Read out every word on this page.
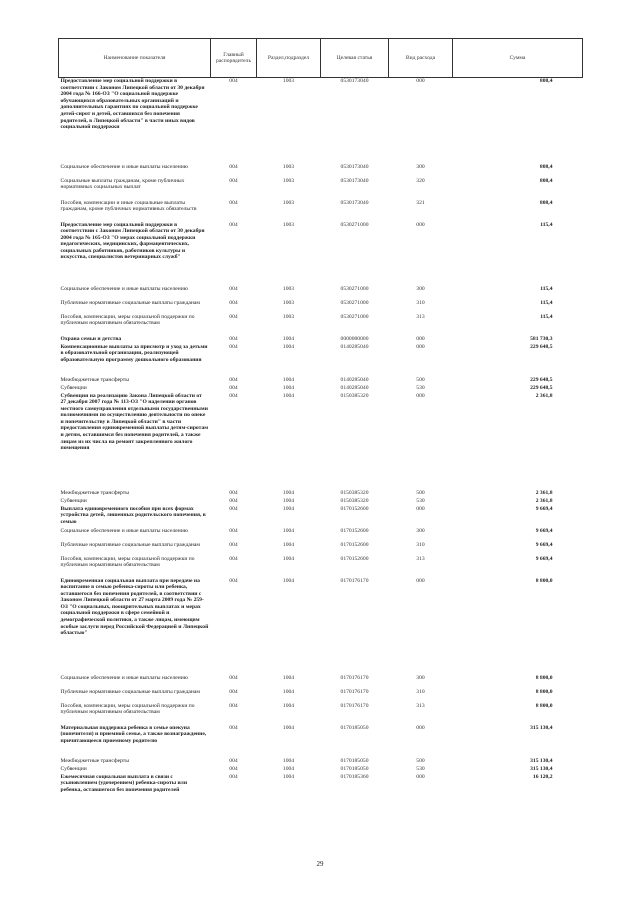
Наименование показателя	Главный распорядитель	Раздел,подраздел	Целевая статья	Вид расхода	Сумма
Предоставление мер социальной поддержки в соответствии с Законом Липецкой области от 30 декабря 2004 года № 166-ОЗ "О социальной поддержке обучающихся образовательных организаций и дополнительных гарантиях по социальной поддержке детей-сирот и детей, оставшихся без попечения родителей, в Липецкой области" в части иных видов социальной поддержки	004	1003	0530173040	000	808,4
Социальное обеспечение и иные выплаты населению	004	1003	0530173040	300	808,4
Социальные выплаты гражданам, кроме публичных нормативных социальных выплат	004	1003	0530173040	320	808,4
Пособия, компенсации и иные социальные выплаты гражданам, кроме публичных нормативных обязательств	004	1003	0530173040	321	808,4
Предоставление мер социальной поддержки в соответствии с Законом Липецкой области от 30 декабря 2004 года № 165-ОЗ "О мерах социальной поддержки педагогических, медицинских, фармацевтических, социальных работников, работников культуры и искусства, специалистов ветеринарных служб"	004	1003	0530271000	000	115,4
Социальное обеспечение и иные выплаты населению	004	1003	0530271000	300	115,4
Публичные нормативные социальные выплаты гражданам	004	1003	0530271000	310	115,4
Пособия, компенсации, меры социальной поддержки по публичным нормативным обязательствам	004	1003	0530271000	313	115,4
Охрана семьи и детства	004	1004	0000000000	000	581 730,3
Компенсационные выплаты за присмотр и уход за детьми в образовательной организации, реализующей образовательную программу дошкольного образования	004	1004	0140285040	000	229 648,5
Межбюджетные трансферты	004	1004	0140285040	500	229 648,5
Субвенции	004	1004	0140285040	530	229 648,5
Субвенции на реализацию Закона Липецкой области от 27 декабря 2007 года № 113-ОЗ "О наделении органов местного самоуправления отдельными государственными полномочиями по осуществлению деятельности по опеке и попечительству в Липецкой области" в части предоставления единовременной выплаты детям-сиротам и детям, оставшимся без попечения родителей, а также лицам из их числа на ремонт закрепленного жилого помещения	004	1004	0150385320	000	2 361,8
Межбюджетные трансферты	004	1004	0150385320	500	2 361,8
Субвенции	004	1004	0150385320	530	2 361,8
Выплата единовременного пособия при всех формах устройства детей, лишенных родительского попечения, в семью	004	1004	0170152600	000	9 669,4
Социальное обеспечение и иные выплаты населению	004	1004	0170152600	300	9 669,4
Публичные нормативные социальные выплаты гражданам	004	1004	0170152600	310	9 669,4
Пособия, компенсации, меры социальной поддержки по публичным нормативным обязательствам	004	1004	0170152600	313	9 669,4
Единовременная социальная выплата при передаче на воспитание в семью ребенка-сироты или ребенка, оставшегося без попечения родителей, в соответствии с Законом Липецкой области от 27 марта 2009 года № 259-ОЗ "О социальных, поощрительных выплатах и мерах социальной поддержки в сфере семейной и демографической политики, а также лицам, имеющим особые заслуги перед Российской Федерацией и Липецкой областью"	004	1004	0170176170	000	8 800,0
Социальное обеспечение и иные выплаты населению	004	1004	0170176170	300	8 800,0
Публичные нормативные социальные выплаты гражданам	004	1004	0170176170	310	8 800,0
Пособия, компенсации, меры социальной поддержки по публичным нормативным обязательствам	004	1004	0170176170	313	8 800,0
Материальная поддержка ребенка в семье опекуна (попечителя) и приемной семье, а также вознаграждение, причитающееся приемному родителю	004	1004	0170185050	000	315 130,4
Межбюджетные трансферты	004	1004	0170185050	500	315 130,4
Субвенции	004	1004	0170185050	530	315 130,4
Ежемесячная социальная выплата в связи с усыновлением (удочерением) ребенка-сироты или ребенка, оставшегося без попечения родителей	004	1004	0170185360	000	16 120,2
29
